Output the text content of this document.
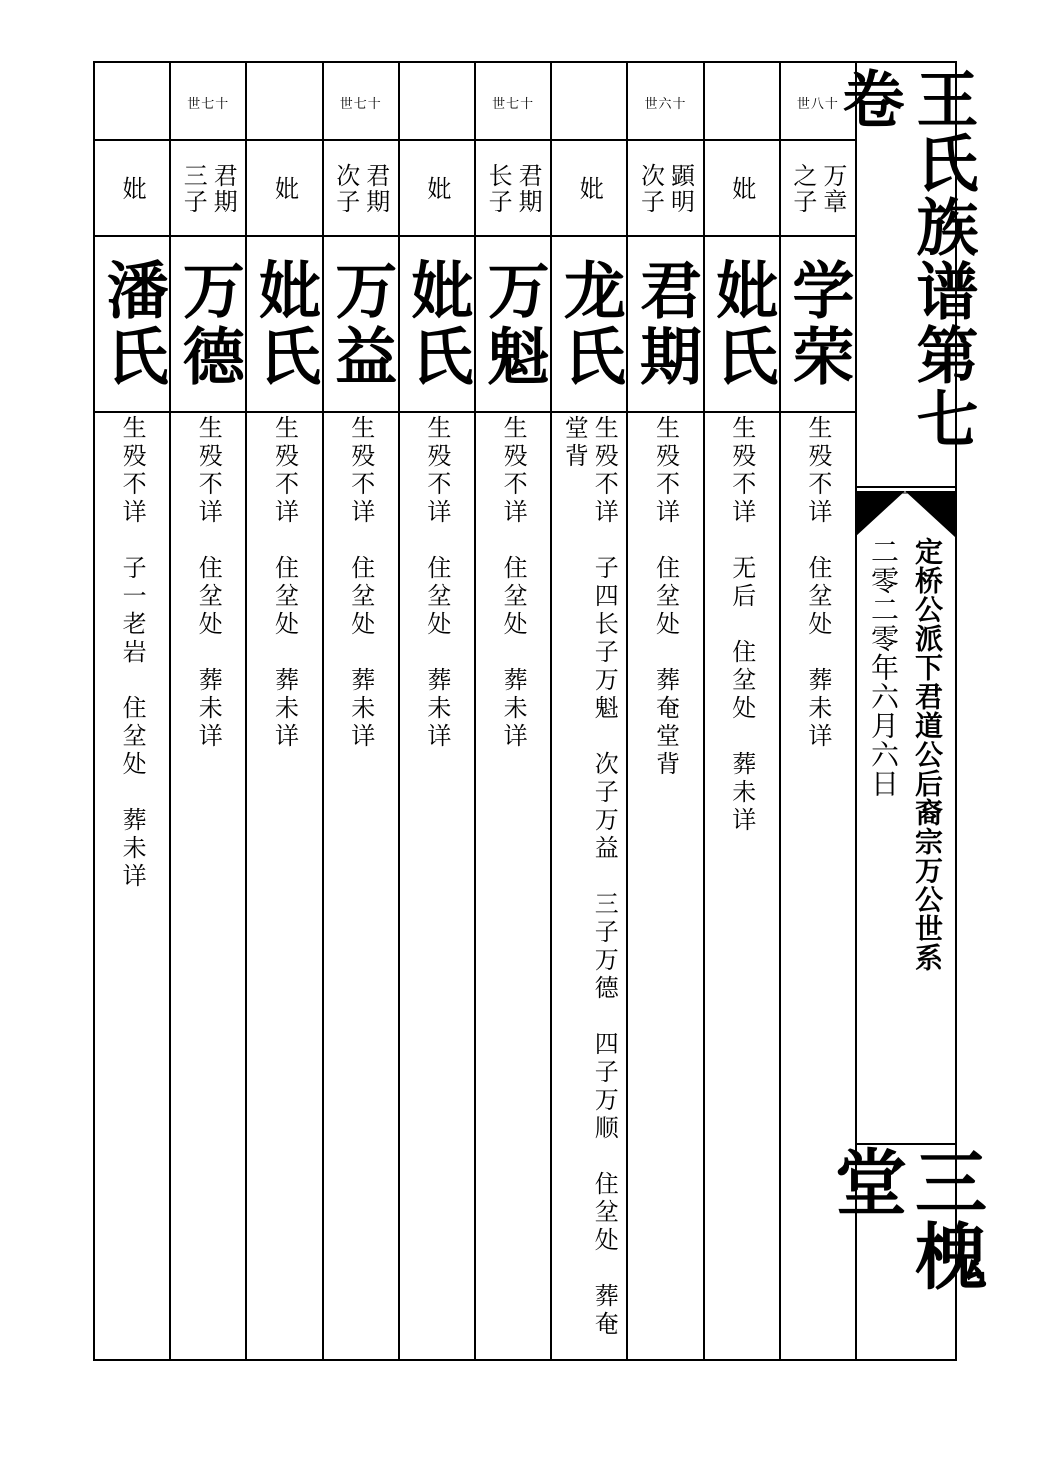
妣
潘氏
生殁不详　子一老岩　住坌处　葬未详
世七十
君期
三子
万德
生殁不详　住坌处　葬未详
妣
妣氏
生殁不详　住坌处　葬未详
世七十
君期
次子
万益
生殁不详　住坌处　葬未详
妣
妣氏
生殁不详　住坌处　葬未详
世七十
君期
长子
万魁
生殁不详　住坌处　葬未详
妣
龙氏
生殁不详　子四长子万魁　次子万益　三子万德　四子万顺　住坌处　葬奄
堂背
世六十
顕明
次子
君期
生殁不详　住坌处　葬奄堂背
妣
妣氏
生殁不详　无后　住坌处　葬未详
世八十
万章
之子
学荣
生殁不详　住坌处　葬未详
王氏族谱第七卷
二零二零年六月六日 定桥公派下君道公后裔宗万公世系
三槐堂
